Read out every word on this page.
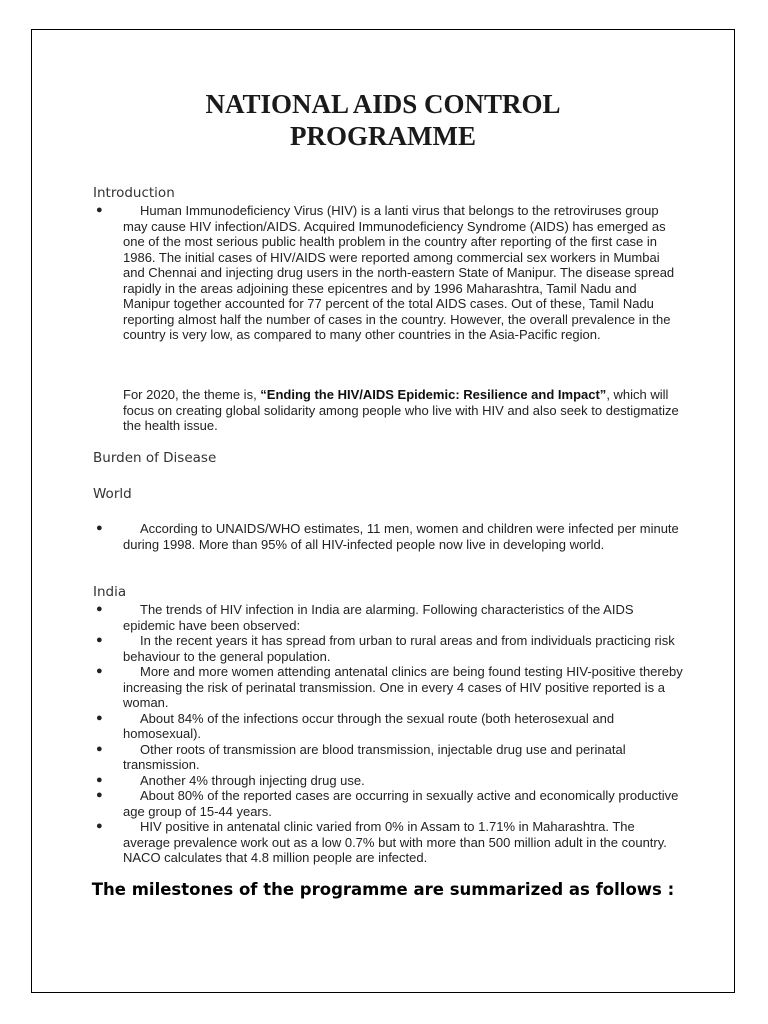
NATIONAL AIDS CONTROL
PROGRAMME
Introduction
●	Human Immunodeficiency Virus (HIV) is a lanti virus that belongs to the retroviruses group may cause HIV infection/AIDS. Acquired Immunodeficiency Syndrome (AIDS) has emerged as one of the most serious public health problem in the country after reporting of the first case in 1986. The initial cases of HIV/AIDS were reported among commercial sex workers in Mumbai and Chennai and injecting drug users in the north-eastern State of Manipur. The disease spread rapidly in the areas adjoining these epicentres and by 1996 Maharashtra, Tamil Nadu and Manipur together accounted for 77 percent of the total AIDS cases. Out of these, Tamil Nadu reporting almost half the number of cases in the country. However, the overall prevalence in the country is very low, as compared to many other countries in the Asia-Pacific region.

For 2020, the theme is, “Ending the HIV/AIDS Epidemic: Resilience and Impact”, which will focus on creating global solidarity among people who live with HIV and also seek to destigmatize the health issue.

Burden of Disease
World
●	According to UNAIDS/WHO estimates, 11 men, women and children were infected per minute during 1998. More than 95% of all HIV-infected people now live in developing world.
India
●	The trends of HIV infection in India are alarming. Following characteristics of the AIDS epidemic have been observed:
●	In the recent years it has spread from urban to rural areas and from individuals practicing risk behaviour to the general population.
●	More and more women attending antenatal clinics are being found testing HIV-positive thereby increasing the risk of perinatal transmission. One in every 4 cases of HIV positive reported is a woman.
●	About 84% of the infections occur through the sexual route (both heterosexual and homosexual).
●	Other roots of transmission are blood transmission, injectable drug use and perinatal transmission.
●	Another 4% through injecting drug use.
●	About 80% of the reported cases are occurring in sexually active and economically productive age group of 15-44 years.
●	HIV positive in antenatal clinic varied from 0% in Assam to 1.71% in Maharashtra. The average prevalence work out as a low 0.7% but with more than 500 million adult in the country. NACO calculates that 4.8 million people are infected.
The milestones of the programme are summarized as follows :
